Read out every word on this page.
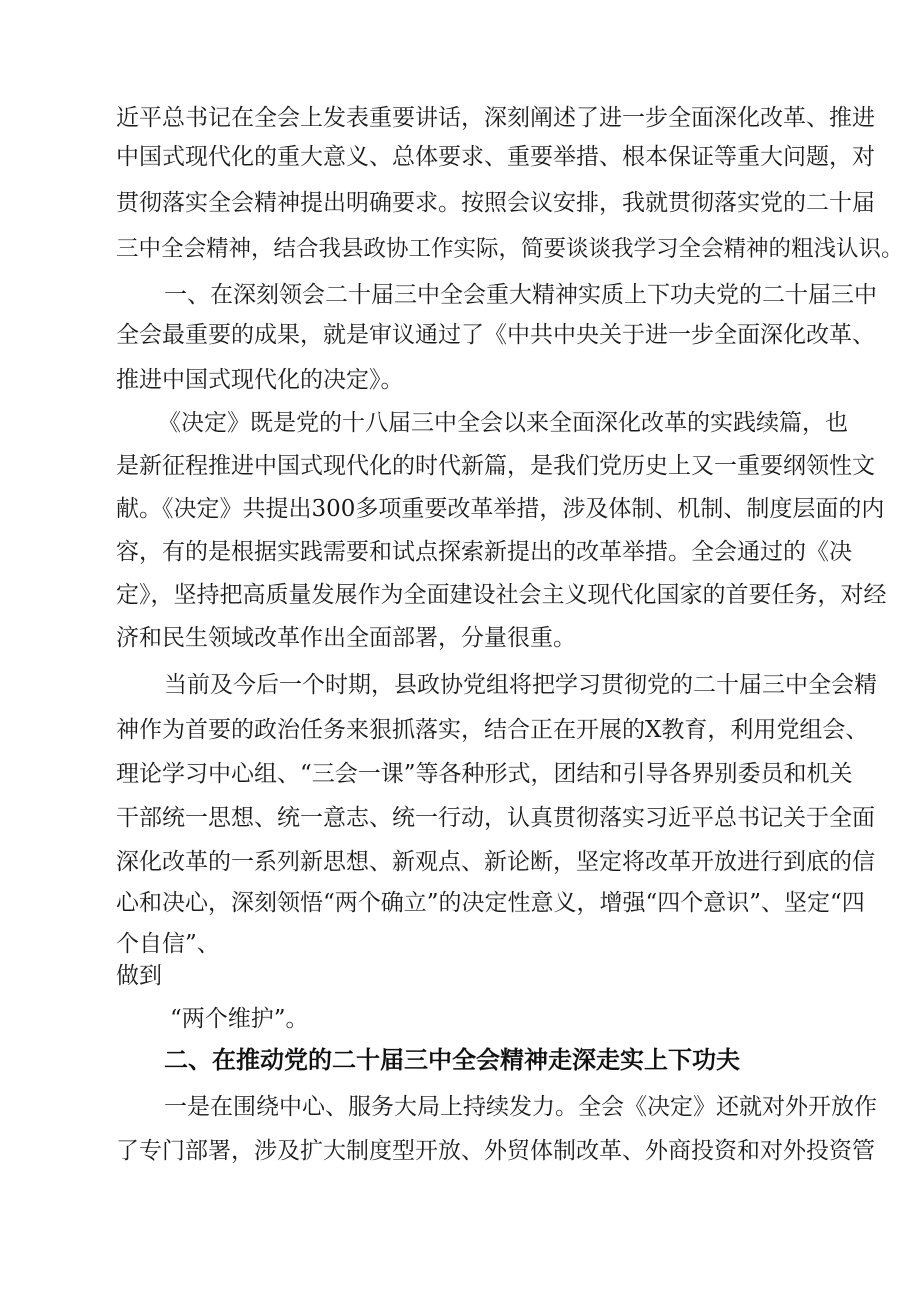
近平总书记在全会上发表重要讲话，深刻阐述了进一步全面深化改革、推进
中国式现代化的重大意义、总体要求、重要举措、根本保证等重大问题，对
贯彻落实全会精神提出明确要求。按照会议安排，我就贯彻落实党的二十届
三中全会精神，结合我县政协工作实际，简要谈谈我学习全会精神的粗浅认识。
一、在深刻领会二十届三中全会重大精神实质上下功夫党的二十届三中
全会最重要的成果，就是审议通过了《中共中央关于进一步全面深化改革、
推进中国式现代化的决定》。
《决定》既是党的十八届三中全会以来全面深化改革的实践续篇，也
是新征程推进中国式现代化的时代新篇，是我们党历史上又一重要纲领性文
献。《决定》共提出300多项重要改革举措，涉及体制、机制、制度层面的内
容，有的是根据实践需要和试点探索新提出的改革举措。全会通过的《决
定》，坚持把高质量发展作为全面建设社会主义现代化国家的首要任务，对经
济和民生领域改革作出全面部署，分量很重。
当前及今后一个时期，县政协党组将把学习贯彻党的二十届三中全会精
神作为首要的政治任务来狠抓落实，结合正在开展的X教育，利用党组会、
理论学习中心组、“三会一课”等各种形式，团结和引导各界别委员和机关
干部统一思想、统一意志、统一行动，认真贯彻落实习近平总书记关于全面
深化改革的一系列新思想、新观点、新论断，坚定将改革开放进行到底的信
心和决心，深刻领悟“两个确立”的决定性意义，增强“四个意识”、坚定“四
个自信”、
做到
“两个维护”。
二、在推动党的二十届三中全会精神走深走实上下功夫
一是在围绕中心、服务大局上持续发力。全会《决定》还就对外开放作
了专门部署，涉及扩大制度型开放、外贸体制改革、外商投资和对外投资管
